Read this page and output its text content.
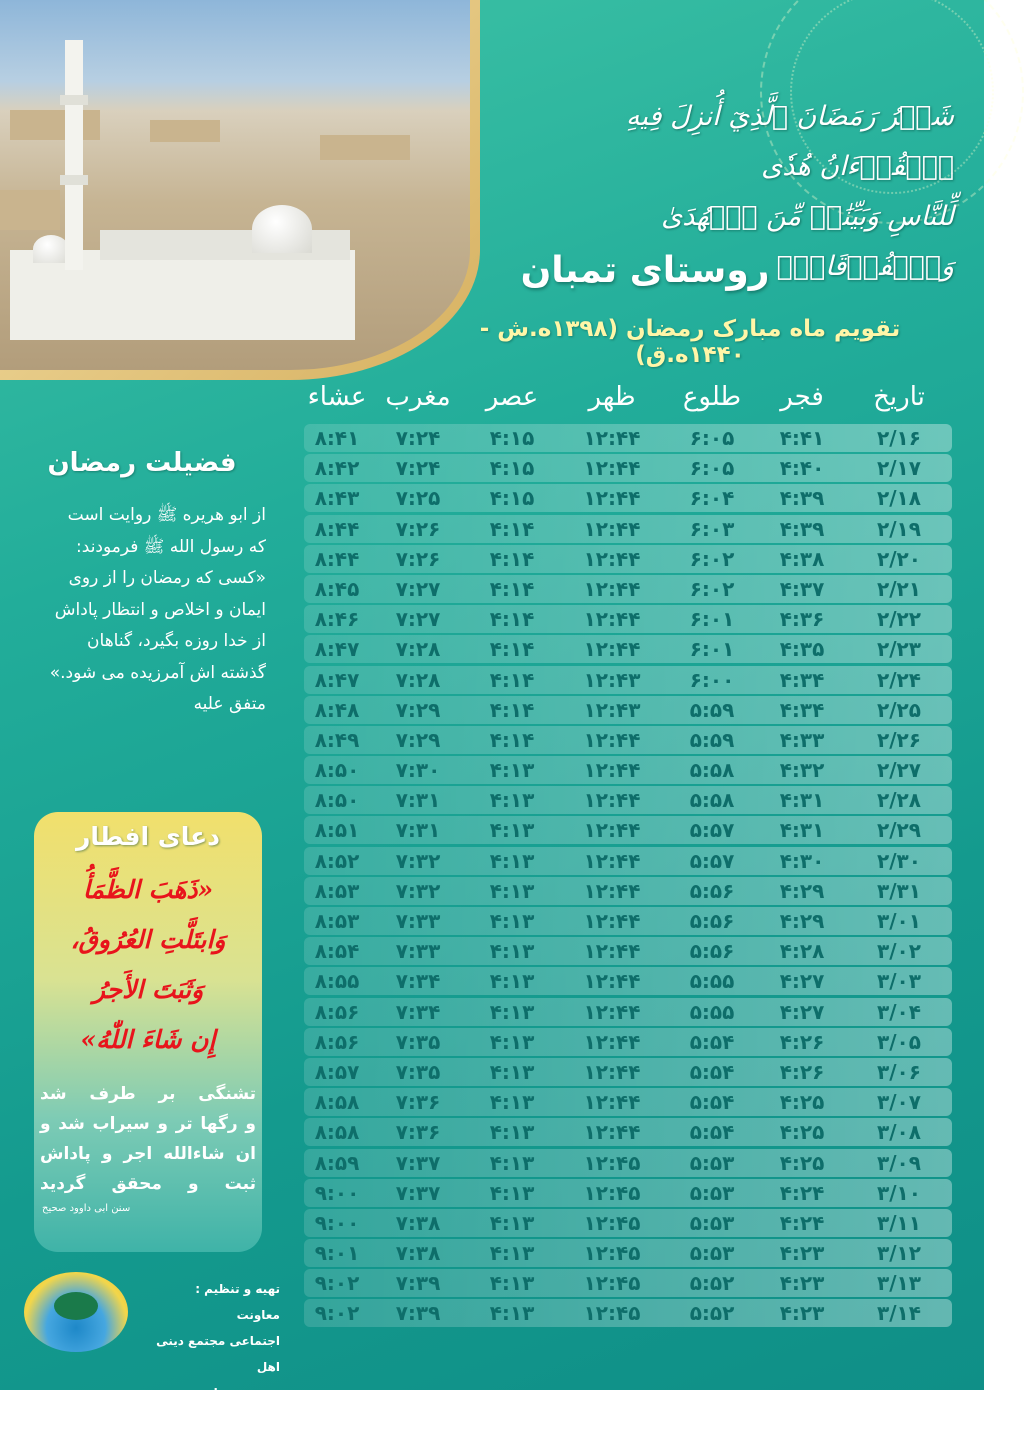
شَهۡرُ رَمَضَانَ ٱلَّذِيٓ أُنزِلَ فِيهِ ٱلۡقُرۡءَانُ هُدٗى
لِّلنَّاسِ وَبَيِّنَٰتٖ مِّنَ ٱلۡهُدَىٰ وَٱلۡفُرۡقَانِۚ
روستای تمبان
تقویم ماه مبارک رمضان (۱۳۹۸ه.ش - ۱۴۴۰ه.ق)
تاریخ
فجر
طلوع
ظهر
عصر
مغرب
عشاء
۲/۱۶
۴:۴۱
۶:۰۵
۱۲:۴۴
۴:۱۵
۷:۲۴
۸:۴۱
۲/۱۷
۴:۴۰
۶:۰۵
۱۲:۴۴
۴:۱۵
۷:۲۴
۸:۴۲
۲/۱۸
۴:۳۹
۶:۰۴
۱۲:۴۴
۴:۱۵
۷:۲۵
۸:۴۳
۲/۱۹
۴:۳۹
۶:۰۳
۱۲:۴۴
۴:۱۴
۷:۲۶
۸:۴۴
۲/۲۰
۴:۳۸
۶:۰۲
۱۲:۴۴
۴:۱۴
۷:۲۶
۸:۴۴
۲/۲۱
۴:۳۷
۶:۰۲
۱۲:۴۴
۴:۱۴
۷:۲۷
۸:۴۵
۲/۲۲
۴:۳۶
۶:۰۱
۱۲:۴۴
۴:۱۴
۷:۲۷
۸:۴۶
۲/۲۳
۴:۳۵
۶:۰۱
۱۲:۴۴
۴:۱۴
۷:۲۸
۸:۴۷
۲/۲۴
۴:۳۴
۶:۰۰
۱۲:۴۳
۴:۱۴
۷:۲۸
۸:۴۷
۲/۲۵
۴:۳۴
۵:۵۹
۱۲:۴۳
۴:۱۴
۷:۲۹
۸:۴۸
۲/۲۶
۴:۳۳
۵:۵۹
۱۲:۴۴
۴:۱۴
۷:۲۹
۸:۴۹
۲/۲۷
۴:۳۲
۵:۵۸
۱۲:۴۴
۴:۱۳
۷:۳۰
۸:۵۰
۲/۲۸
۴:۳۱
۵:۵۸
۱۲:۴۴
۴:۱۳
۷:۳۱
۸:۵۰
۲/۲۹
۴:۳۱
۵:۵۷
۱۲:۴۴
۴:۱۳
۷:۳۱
۸:۵۱
۲/۳۰
۴:۳۰
۵:۵۷
۱۲:۴۴
۴:۱۳
۷:۳۲
۸:۵۲
۳/۳۱
۴:۲۹
۵:۵۶
۱۲:۴۴
۴:۱۳
۷:۳۲
۸:۵۳
۳/۰۱
۴:۲۹
۵:۵۶
۱۲:۴۴
۴:۱۳
۷:۳۳
۸:۵۳
۳/۰۲
۴:۲۸
۵:۵۶
۱۲:۴۴
۴:۱۳
۷:۳۳
۸:۵۴
۳/۰۳
۴:۲۷
۵:۵۵
۱۲:۴۴
۴:۱۳
۷:۳۴
۸:۵۵
۳/۰۴
۴:۲۷
۵:۵۵
۱۲:۴۴
۴:۱۳
۷:۳۴
۸:۵۶
۳/۰۵
۴:۲۶
۵:۵۴
۱۲:۴۴
۴:۱۳
۷:۳۵
۸:۵۶
۳/۰۶
۴:۲۶
۵:۵۴
۱۲:۴۴
۴:۱۳
۷:۳۵
۸:۵۷
۳/۰۷
۴:۲۵
۵:۵۴
۱۲:۴۴
۴:۱۳
۷:۳۶
۸:۵۸
۳/۰۸
۴:۲۵
۵:۵۴
۱۲:۴۴
۴:۱۳
۷:۳۶
۸:۵۸
۳/۰۹
۴:۲۵
۵:۵۳
۱۲:۴۵
۴:۱۳
۷:۳۷
۸:۵۹
۳/۱۰
۴:۲۴
۵:۵۳
۱۲:۴۵
۴:۱۳
۷:۳۷
۹:۰۰
۳/۱۱
۴:۲۴
۵:۵۳
۱۲:۴۵
۴:۱۳
۷:۳۸
۹:۰۰
۳/۱۲
۴:۲۳
۵:۵۳
۱۲:۴۵
۴:۱۳
۷:۳۸
۹:۰۱
۳/۱۳
۴:۲۳
۵:۵۲
۱۲:۴۵
۴:۱۳
۷:۳۹
۹:۰۲
۳/۱۴
۴:۲۳
۵:۵۲
۱۲:۴۵
۴:۱۳
۷:۳۹
۹:۰۲
فضیلت رمضان

از ابو هریره ﷺ روایت است

که رسول الله ﷺ فرمودند:

«کسی که رمضان را از روی

ایمان و اخلاص و انتظار پاداش

از خدا روزه بگیرد، گناهان

گذشته اش آمرزیده می شود.»

متفق علیه

دعای افطار

«ذَهَبَ الظَّمَأُ

وَابتَلَّتِ العُرُوقُ،

وَثَبَتَ الأَجرُ

إِن شَاءَ اللّٰهُ»

تشنگی بر طرف شد

و رگها تر و سیراب شد و

ان شاءالله اجر و پاداش

ثبت و محقق گردید

سنن ابی داوود صحیح

تهیه و تنظیم : معاونت

اجتماعی مجتمع دینی اهل

سنت و جماعت شهرستان قشم
